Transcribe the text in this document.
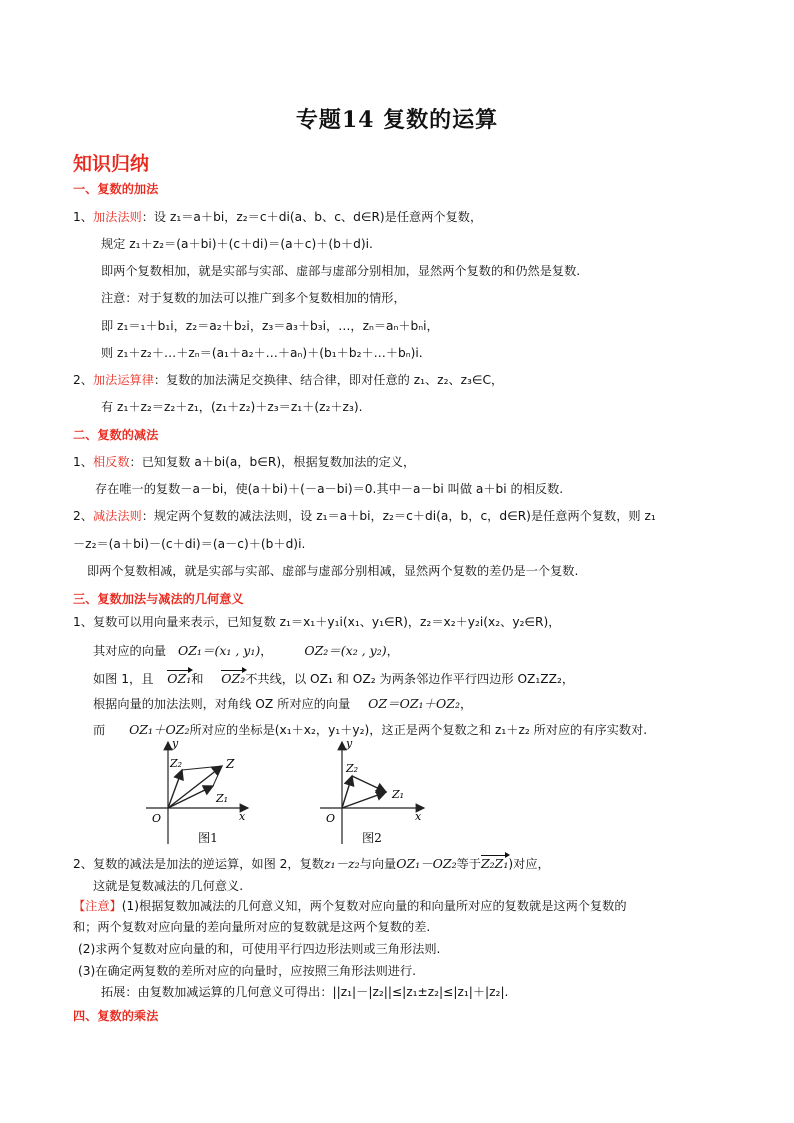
专题14 复数的运算
知识归纳
一、复数的加法
1、加法法则：设 z₁＝a＋bi，z₂＝c＋di(a、b、c、d∈R)是任意两个复数，
规定 z₁＋z₂＝(a＋bi)＋(c＋di)＝(a＋c)＋(b＋d)i.
即两个复数相加，就是实部与实部、虚部与虚部分别相加，显然两个复数的和仍然是复数.
注意：对于复数的加法可以推广到多个复数相加的情形，
即 z₁＝₁＋b₁i，z₂＝a₂＋b₂i，z₃＝a₃＋b₃i，…，zₙ＝aₙ＋bₙi，
则 z₁＋z₂＋…＋zₙ＝(a₁＋a₂＋…＋aₙ)＋(b₁＋b₂＋…＋bₙ)i.
2、加法运算律：复数的加法满足交换律、结合律，即对任意的 z₁、z₂、z₃∈C，
有 z₁＋z₂＝z₂＋z₁，(z₁＋z₂)＋z₃＝z₁＋(z₂＋z₃).
二、复数的减法
1、相反数：已知复数 a＋bi(a，b∈R)，根据复数加法的定义，
存在唯一的复数－a－bi，使(a＋bi)＋(－a－bi)＝0.其中－a－bi 叫做 a＋bi 的相反数.
2、减法法则：规定两个复数的减法法则，设 z₁＝a＋bi，z₂＝c＋di(a，b，c，d∈R)是任意两个复数，则 z₁
－z₂＝(a＋bi)－(c＋di)＝(a－c)＋(b＋d)i.
即两个复数相减，就是实部与实部、虚部与虚部分别相减，显然两个复数的差仍是一个复数.
三、复数加法与减法的几何意义
1、复数可以用向量来表示，已知复数 z₁＝x₁＋y₁i(x₁、y₁∈R)，z₂＝x₂＋y₂i(x₂、y₂∈R)，
其对应的向量 OZ₁＝(x₁ , y₁)，	OZ₂＝(x₂ , y₂)，
如图 1，且 OZ₁和 OZ₂不共线，以 OZ₁ 和 OZ₂ 为两条邻边作平行四边形 OZ₁ZZ₂，
根据向量的加法法则，对角线 OZ 所对应的向量 OZ＝OZ₁＋OZ₂，
而 OZ₁＋OZ₂所对应的坐标是(x₁＋x₂，y₁＋y₂)，这正是两个复数之和 z₁＋z₂ 所对应的有序实数对.
y
x
O
Z
Z₁
Z₂
图1
y
x
O
Z₁
Z₂
图2
2、复数的减法是加法的逆运算，如图 2，复数z₁－z₂与向量OZ₁－OZ₂等于Z₂Z₁)对应，
这就是复数减法的几何意义.
【注意】(1)根据复数加减法的几何意义知，两个复数对应向量的和向量所对应的复数就是这两个复数的
和；两个复数对应向量的差向量所对应的复数就是这两个复数的差.
(2)求两个复数对应向量的和，可使用平行四边形法则或三角形法则.
(3)在确定两复数的差所对应的向量时，应按照三角形法则进行.
拓展：由复数加减运算的几何意义可得出：||z₁|－|z₂||≤|z₁±z₂|≤|z₁|＋|z₂|.
四、复数的乘法
